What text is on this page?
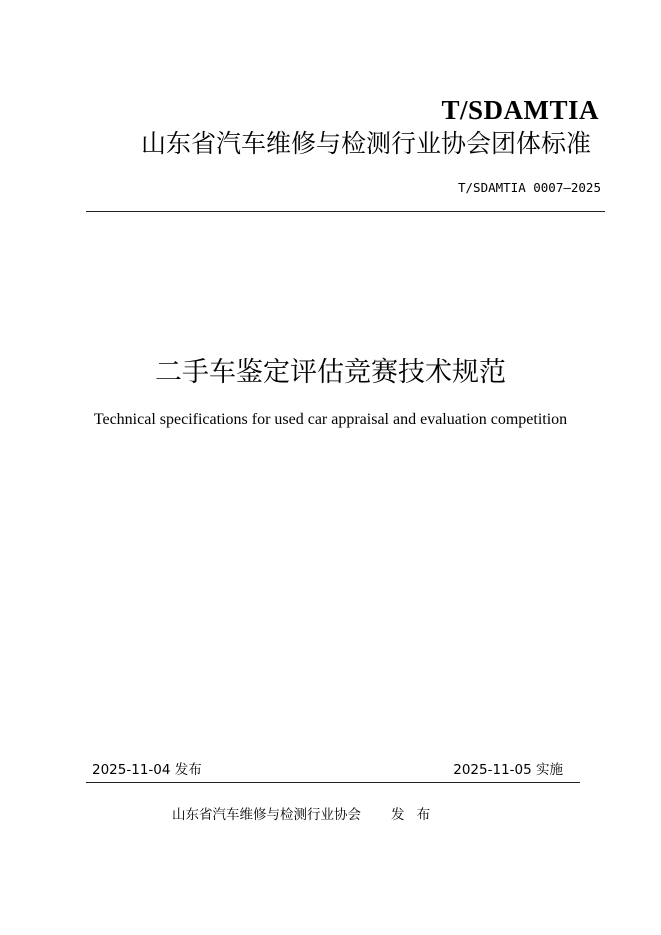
T/SDAMTIA
山东省汽车维修与检测行业协会团体标准
T/SDAMTIA 0007—2025
二手车鉴定评估竞赛技术规范
Technical specifications for used car appraisal and evaluation competition
2025-11-04 发布	2025-11-05 实施
山东省汽车维修与检测行业协会 发 布
